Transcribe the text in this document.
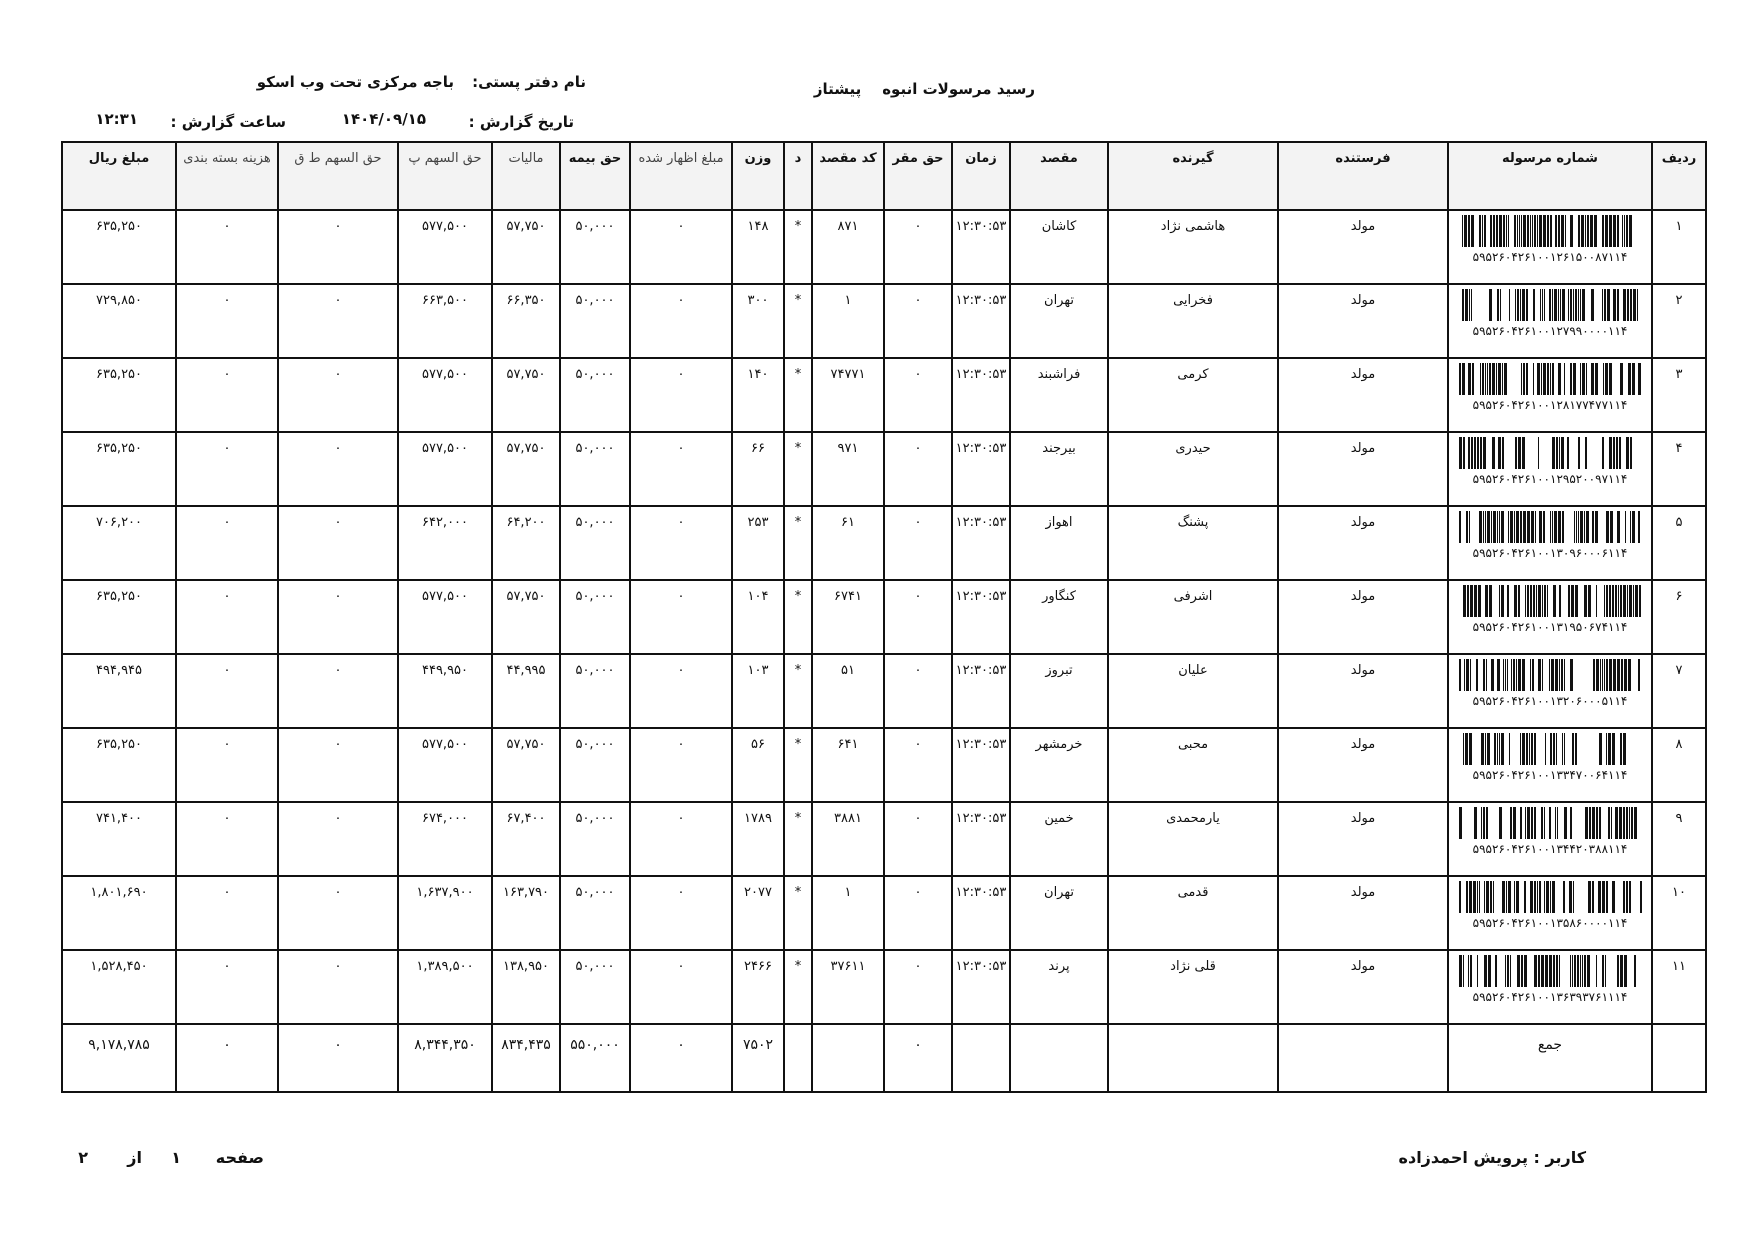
رسید مرسولات انبوه    پیشتاز
نام دفتر پستی:
باجه مرکزی تحت وب اسکو
تاریخ گزارش :
۱۴۰۴/۰۹/۱۵
ساعت گزارش :
۱۲:۳۱
ردیف	شماره مرسوله	فرستنده	گیرنده	مقصد	زمان	حق مقر	کد مقصد	د	وزن	مبلغ اظهار شده	حق بیمه	مالیات	حق السهم پ	حق السهم ط ق	هزینه بسته بندی	مبلغ ریال
۱	۵۹۵۲۶۰۴۲۶۱۰۰۱۲۶۱۵۰۰۸۷۱۱۴	مولد	هاشمی نژاد	کاشان	۱۲:۳۰:۵۳	۰	۸۷۱	*	۱۴۸	۰	۵۰,۰۰۰	۵۷,۷۵۰	۵۷۷,۵۰۰	۰	۰	۶۳۵,۲۵۰
۲	۵۹۵۲۶۰۴۲۶۱۰۰۱۲۷۹۹۰۰۰۰۱۱۴	مولد	فخرایی	تهران	۱۲:۳۰:۵۳	۰	۱	*	۳۰۰	۰	۵۰,۰۰۰	۶۶,۳۵۰	۶۶۳,۵۰۰	۰	۰	۷۲۹,۸۵۰
۳	۵۹۵۲۶۰۴۲۶۱۰۰۱۲۸۱۷۷۴۷۷۱۱۴	مولد	کرمی	فراشبند	۱۲:۳۰:۵۳	۰	۷۴۷۷۱	*	۱۴۰	۰	۵۰,۰۰۰	۵۷,۷۵۰	۵۷۷,۵۰۰	۰	۰	۶۳۵,۲۵۰
۴	۵۹۵۲۶۰۴۲۶۱۰۰۱۲۹۵۲۰۰۹۷۱۱۴	مولد	حیدری	بیرجند	۱۲:۳۰:۵۳	۰	۹۷۱	*	۶۶	۰	۵۰,۰۰۰	۵۷,۷۵۰	۵۷۷,۵۰۰	۰	۰	۶۳۵,۲۵۰
۵	۵۹۵۲۶۰۴۲۶۱۰۰۱۳۰۹۶۰۰۰۶۱۱۴	مولد	پشنگ	اهواز	۱۲:۳۰:۵۳	۰	۶۱	*	۲۵۳	۰	۵۰,۰۰۰	۶۴,۲۰۰	۶۴۲,۰۰۰	۰	۰	۷۰۶,۲۰۰
۶	۵۹۵۲۶۰۴۲۶۱۰۰۱۳۱۹۵۰۶۷۴۱۱۴	مولد	اشرفی	کنگاور	۱۲:۳۰:۵۳	۰	۶۷۴۱	*	۱۰۴	۰	۵۰,۰۰۰	۵۷,۷۵۰	۵۷۷,۵۰۰	۰	۰	۶۳۵,۲۵۰
۷	۵۹۵۲۶۰۴۲۶۱۰۰۱۳۲۰۶۰۰۰۵۱۱۴	مولد	علیان	تبروز	۱۲:۳۰:۵۳	۰	۵۱	*	۱۰۳	۰	۵۰,۰۰۰	۴۴,۹۹۵	۴۴۹,۹۵۰	۰	۰	۴۹۴,۹۴۵
۸	۵۹۵۲۶۰۴۲۶۱۰۰۱۳۳۴۷۰۰۶۴۱۱۴	مولد	محبی	خرمشهر	۱۲:۳۰:۵۳	۰	۶۴۱	*	۵۶	۰	۵۰,۰۰۰	۵۷,۷۵۰	۵۷۷,۵۰۰	۰	۰	۶۳۵,۲۵۰
۹	۵۹۵۲۶۰۴۲۶۱۰۰۱۳۴۴۲۰۳۸۸۱۱۴	مولد	یارمحمدی	خمین	۱۲:۳۰:۵۳	۰	۳۸۸۱	*	۱۷۸۹	۰	۵۰,۰۰۰	۶۷,۴۰۰	۶۷۴,۰۰۰	۰	۰	۷۴۱,۴۰۰
۱۰	۵۹۵۲۶۰۴۲۶۱۰۰۱۳۵۸۶۰۰۰۰۱۱۴	مولد	قدمی	تهران	۱۲:۳۰:۵۳	۰	۱	*	۲۰۷۷	۰	۵۰,۰۰۰	۱۶۳,۷۹۰	۱,۶۳۷,۹۰۰	۰	۰	۱,۸۰۱,۶۹۰
۱۱	۵۹۵۲۶۰۴۲۶۱۰۰۱۳۶۳۹۳۷۶۱۱۱۴	مولد	قلی نژاد	پرند	۱۲:۳۰:۵۳	۰	۳۷۶۱۱	*	۲۴۶۶	۰	۵۰,۰۰۰	۱۳۸,۹۵۰	۱,۳۸۹,۵۰۰	۰	۰	۱,۵۲۸,۴۵۰
	جمع					۰			۷۵۰۲	۰	۵۵۰,۰۰۰	۸۳۴,۴۳۵	۸,۳۴۴,۳۵۰	۰	۰	۹,۱۷۸,۷۸۵
کاربر : پرویش احمدزاده
صفحه
۱
از
۲
